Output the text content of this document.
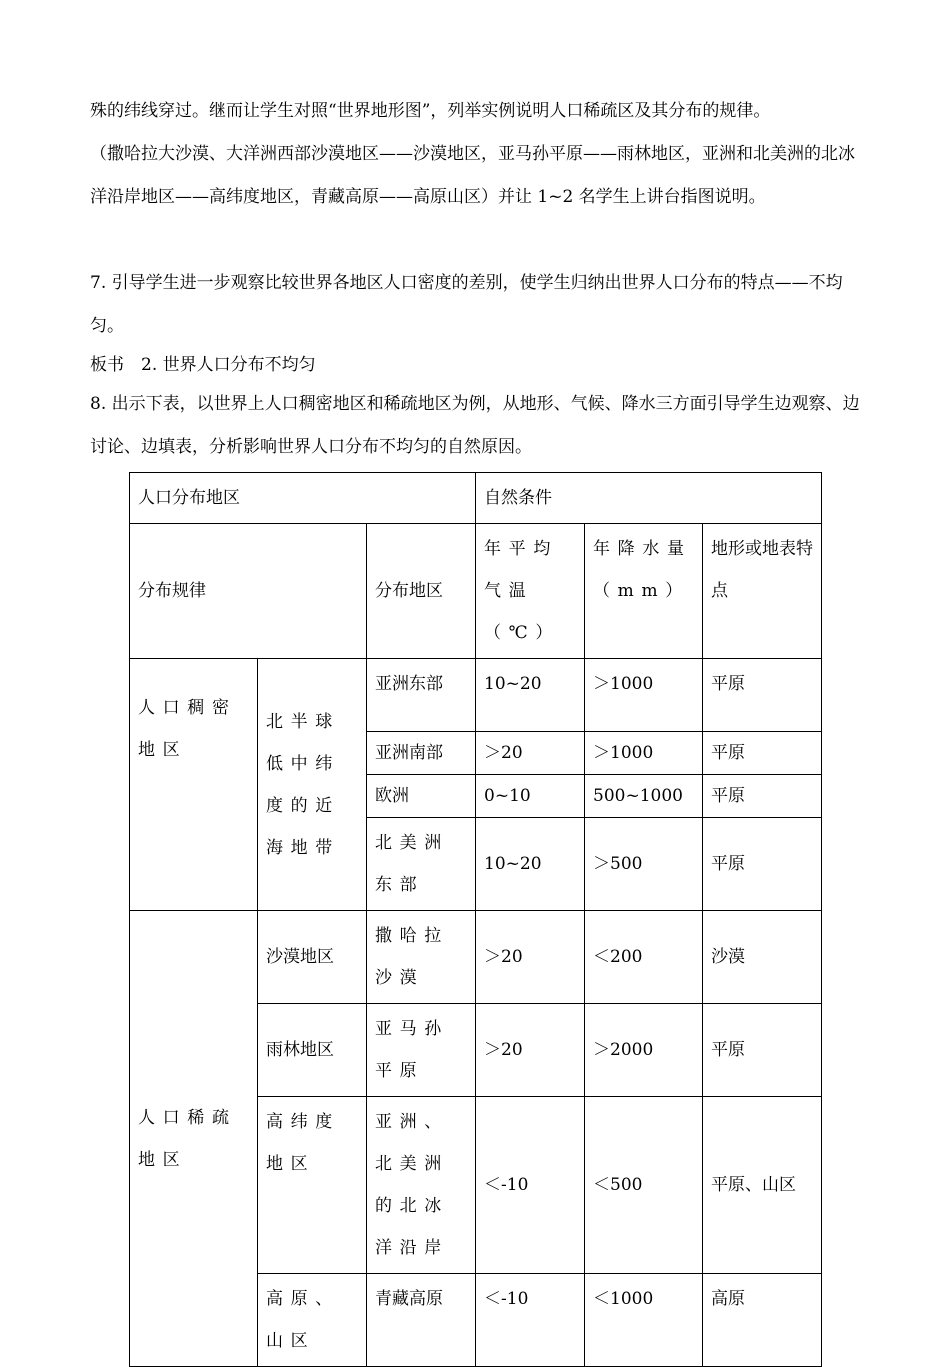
殊的纬线穿过。继而让学生对照“世界地形图”，列举实例说明人口稀疏区及其分布的规律。

（撒哈拉大沙漠、大洋洲西部沙漠地区——沙漠地区，亚马孙平原——雨林地区，亚洲和北美洲的北冰洋沿岸地区——高纬度地区，青藏高原——高原山区）并让 1~2 名学生上讲台指图说明。

7. 引导学生进一步观察比较世界各地区人口密度的差别，使学生归纳出世界人口分布的特点——不均匀。

板书　2. 世界人口分布不均匀

8. 出示下表，以世界上人口稠密地区和稀疏地区为例，从地形、气候、降水三方面引导学生边观察、边讨论、边填表，分析影响世界人口分布不均匀的自然原因。

人口分布地区			自然条件		
分布规律		分布地区	年平均气温（℃）	年降水量（mm）	地形或地表特点
人口稠密地区	北半球低中纬度的近海地带	亚洲东部	10~20	＞1000	平原
		亚洲南部	＞20	＞1000	平原
		欧洲	0~10	500~1000	平原
		北美洲东部	10~20	＞500	平原
人口稀疏地区	沙漠地区	撒哈拉沙漠	＞20	＜200	沙漠
	雨林地区	亚马孙平原	＞20	＞2000	平原
	高纬度地区	亚洲、北美洲的北冰洋沿岸	＜-10	＜500	平原、山区
	高原、山区	青藏高原	＜-10	＜1000	高原
